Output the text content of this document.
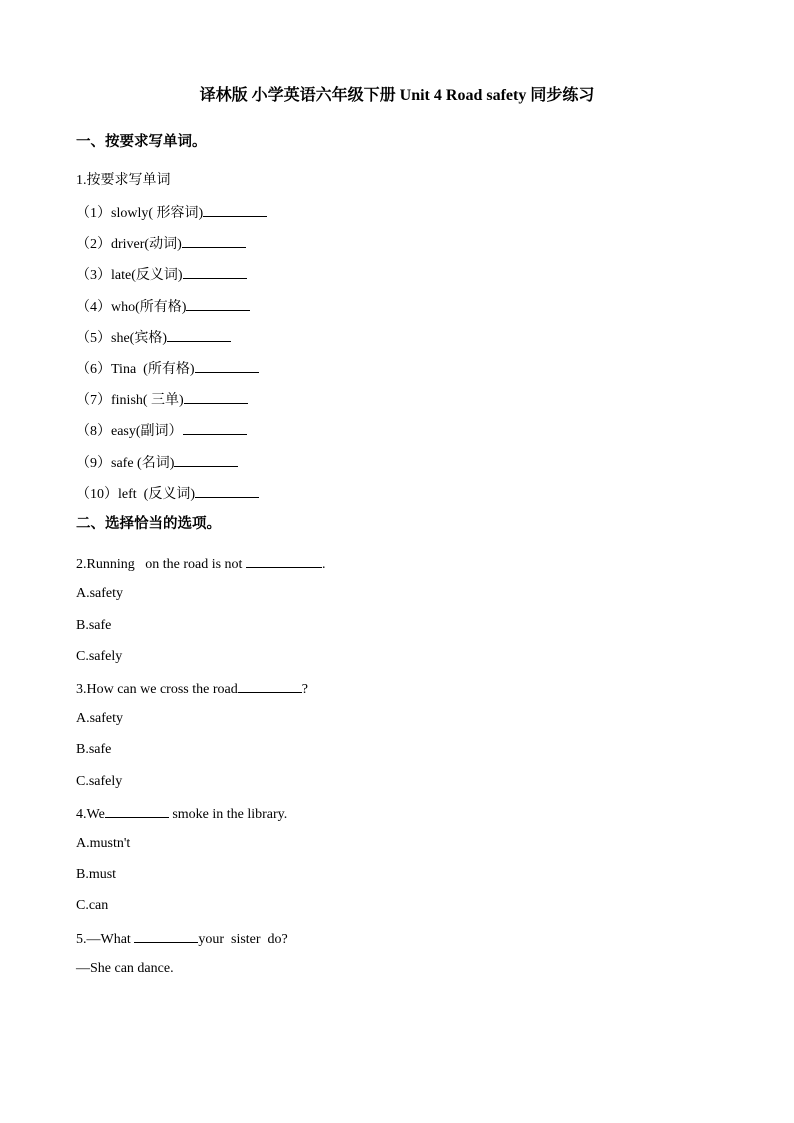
译林版 小学英语六年级下册 Unit 4 Road safety 同步练习
一、按要求写单词。
1.按要求写单词
（1）slowly( 形容词)
（2）driver(动词)
（3）late(反义词)
（4）who(所有格)
（5）she(宾格)
（6）Tina  (所有格)
（7）finish( 三单)
（8）easy(副词）
（9）safe (名词)
（10）left  (反义词)
二、选择恰当的选项。
2.Running   on the road is not	.
A.safety
B.safe
C.safely
3.How can we cross the road	?
A.safety
B.safe
C.safely
4.We	smoke in the library.
A.mustn't
B.must
C.can
5.—What	your  sister  do?
—She can dance.
